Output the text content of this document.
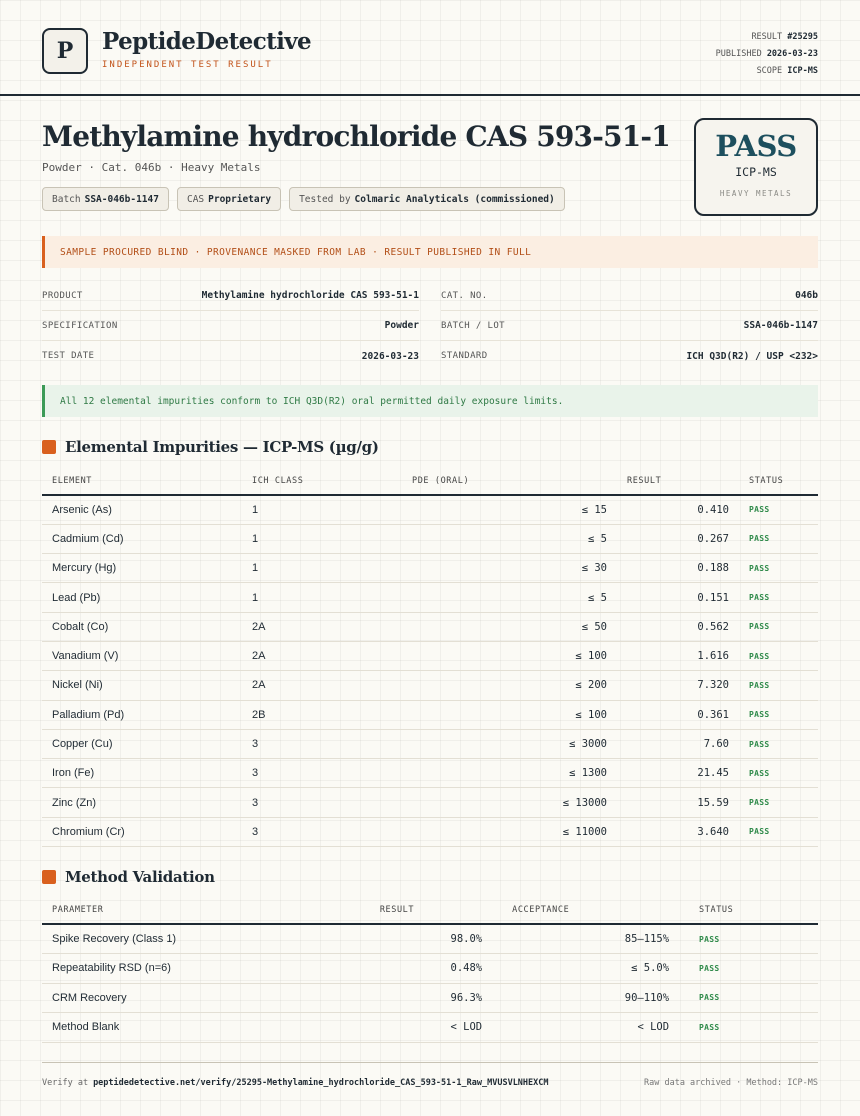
P PeptideDetective
INDEPENDENT TEST RESULT
RESULT #25295
PUBLISHED 2026-03-23
SCOPE ICP-MS
Methylamine hydrochloride CAS 593-51-1
Powder · Cat. 046b · Heavy Metals
Batch SSA-046b-1147	CAS Proprietary	Tested by Colmaric Analyticals (commissioned)
PASS
ICP-MS
HEAVY METALS
SAMPLE PROCURED BLIND · PROVENANCE MASKED FROM LAB · RESULT PUBLISHED IN FULL
PRODUCT	Methylamine hydrochloride CAS 593-51-1 CAT. NO.	046b
SPECIFICATION	Powder BATCH / LOT	SSA-046b-1147
TEST DATE	2026-03-23 STANDARD	ICH Q3D(R2) / USP <232>
All 12 elemental impurities conform to ICH Q3D(R2) oral permitted daily exposure limits.
Elemental Impurities — ICP-MS (µg/g)
ELEMENT	ICH CLASS	PDE (ORAL)	RESULT	STATUS
Arsenic (As)	1	≤ 15	0.410	PASS
Cadmium (Cd)	1	≤ 5	0.267	PASS
Mercury (Hg)	1	≤ 30	0.188	PASS
Lead (Pb)	1	≤ 5	0.151	PASS
Cobalt (Co)	2A	≤ 50	0.562	PASS
Vanadium (V)	2A	≤ 100	1.616	PASS
Nickel (Ni)	2A	≤ 200	7.320	PASS
Palladium (Pd)	2B	≤ 100	0.361	PASS
Copper (Cu)	3	≤ 3000	7.60	PASS
Iron (Fe)	3	≤ 1300	21.45	PASS
Zinc (Zn)	3	≤ 13000	15.59	PASS
Chromium (Cr)	3	≤ 11000	3.640	PASS
Method Validation
PARAMETER	RESULT	ACCEPTANCE	STATUS
Spike Recovery (Class 1)	98.0%	85–115%	PASS
Repeatability RSD (n=6)	0.48%	≤ 5.0%	PASS
CRM Recovery	96.3%	90–110%	PASS
Method Blank	< LOD	< LOD	PASS
Verify at peptidedetective.net/verify/25295-Methylamine_hydrochloride_CAS_593-51-1_Raw_MVUSVLNHEXCM	Raw data archived · Method: ICP-MS
